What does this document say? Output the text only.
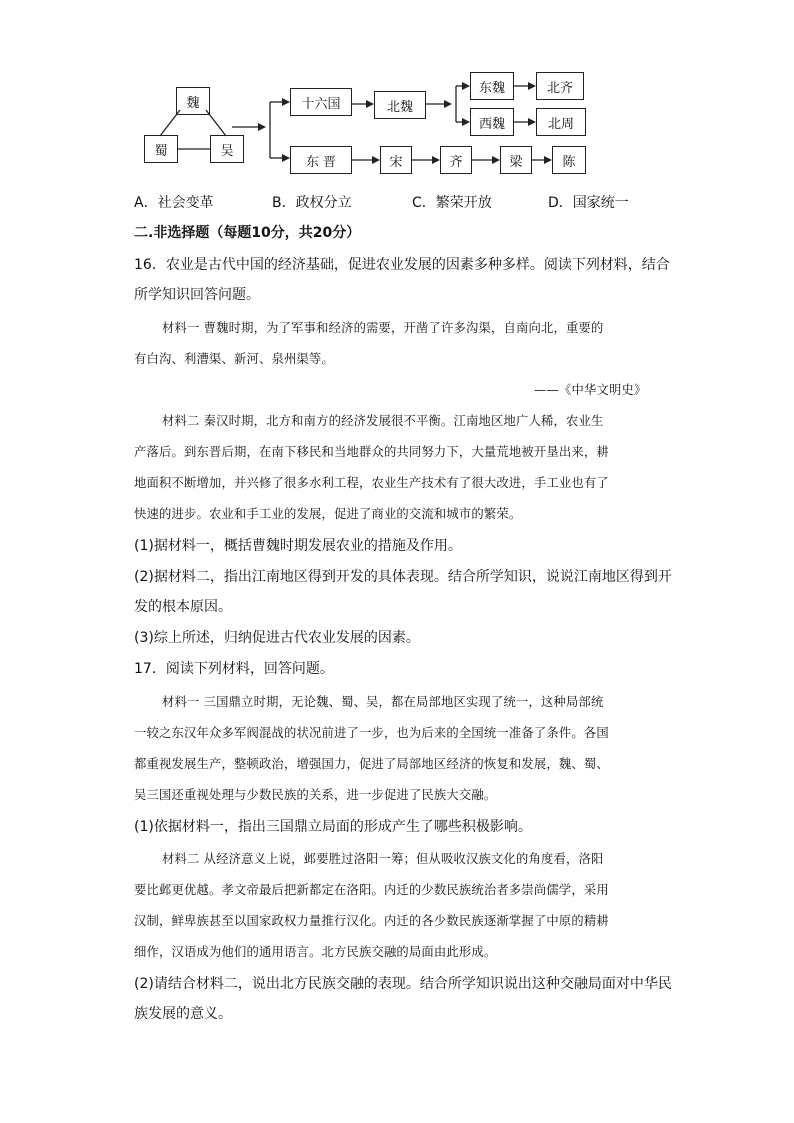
魏
蜀	吴
十六国	北魏
东魏	北齐
西魏	北周
东 晋	宋	齐	梁	陈
A．社会变革	B．政权分立	C．繁荣开放	D．国家统一
二.非选择题（每题10分，共20分）
16．农业是古代中国的经济基础，促进农业发展的因素多种多样。阅读下列材料，结合
所学知识回答问题。
材料一 曹魏时期，为了军事和经济的需要，开凿了许多沟渠，自南向北，重要的
有白沟、利漕渠、新河、泉州渠等。
——《中华文明史》
材料二 秦汉时期，北方和南方的经济发展很不平衡。江南地区地广人稀，农业生
产落后。到东晋后期，在南下移民和当地群众的共同努力下，大量荒地被开垦出来，耕
地面积不断增加，并兴修了很多水利工程，农业生产技术有了很大改进，手工业也有了
快速的进步。农业和手工业的发展，促进了商业的交流和城市的繁荣。
(1)据材料一，概括曹魏时期发展农业的措施及作用。
(2)据材料二，指出江南地区得到开发的具体表现。结合所学知识，说说江南地区得到开
发的根本原因。
(3)综上所述，归纳促进古代农业发展的因素。
17．阅读下列材料，回答问题。
材料一 三国鼎立时期，无论魏、蜀、吴，都在局部地区实现了统一，这种局部统
一较之东汉年众多军阀混战的状况前进了一步，也为后来的全国统一准备了条件。各国
都重视发展生产，整顿政治，增强国力，促进了局部地区经济的恢复和发展，魏、蜀、
吴三国还重视处理与少数民族的关系，进一步促进了民族大交融。
(1)依据材料一，指出三国鼎立局面的形成产生了哪些积极影响。
材料二 从经济意义上说，邺要胜过洛阳一筹；但从吸收汉族文化的角度看，洛阳
要比邺更优越。孝文帝最后把新都定在洛阳。内迁的少数民族统治者多崇尚儒学，采用
汉制，鲜卑族甚至以国家政权力量推行汉化。内迁的各少数民族逐渐掌握了中原的精耕
细作，汉语成为他们的通用语言。北方民族交融的局面由此形成。
(2)请结合材料二，说出北方民族交融的表现。结合所学知识说出这种交融局面对中华民
族发展的意义。
